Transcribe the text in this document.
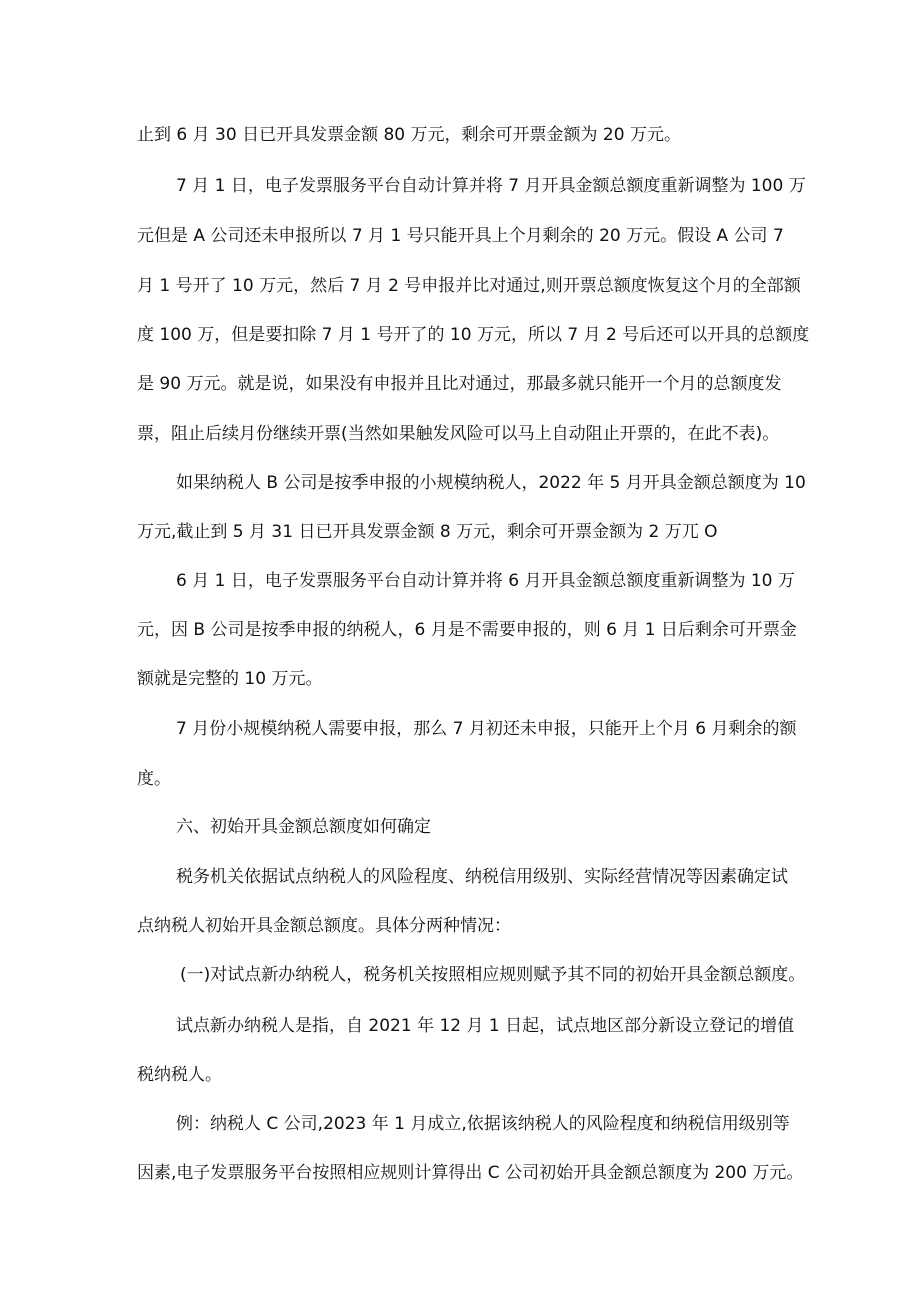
止到 6 月 30 日已开具发票金额 80 万元，剩余可开票金额为 20 万元。
7 月 1 日，电子发票服务平台自动计算并将 7 月开具金额总额度重新调整为 100 万
元但是 A 公司还未申报所以 7 月 1 号只能开具上个月剩余的 20 万元。假设 A 公司 7
月 1 号开了 10 万元，然后 7 月 2 号申报并比对通过,则开票总额度恢复这个月的全部额
度 100 万，但是要扣除 7 月 1 号开了的 10 万元，所以 7 月 2 号后还可以开具的总额度
是 90 万元。就是说，如果没有申报并且比对通过，那最多就只能开一个月的总额度发
票，阻止后续月份继续开票(当然如果触发风险可以马上自动阻止开票的，在此不表)。
如果纳税人 B 公司是按季申报的小规模纳税人，2022 年 5 月开具金额总额度为 10
万元,截止到 5 月 31 日已开具发票金额 8 万元，剩余可开票金额为 2 万兀 O
6 月 1 日，电子发票服务平台自动计算并将 6 月开具金额总额度重新调整为 10 万
元，因 B 公司是按季申报的纳税人，6 月是不需要申报的，则 6 月 1 日后剩余可开票金
额就是完整的 10 万元。
7 月份小规模纳税人需要申报，那么 7 月初还未申报，只能开上个月 6 月剩余的额
度。
六、初始开具金额总额度如何确定
税务机关依据试点纳税人的风险程度、纳税信用级别、实际经营情况等因素确定试
点纳税人初始开具金额总额度。具体分两种情况：
(一)对试点新办纳税人，税务机关按照相应规则赋予其不同的初始开具金额总额度。
试点新办纳税人是指，自 2021 年 12 月 1 日起，试点地区部分新设立登记的增值
税纳税人。
例：纳税人 C 公司,2023 年 1 月成立,依据该纳税人的风险程度和纳税信用级别等
因素,电子发票服务平台按照相应规则计算得出 C 公司初始开具金额总额度为 200 万元。
